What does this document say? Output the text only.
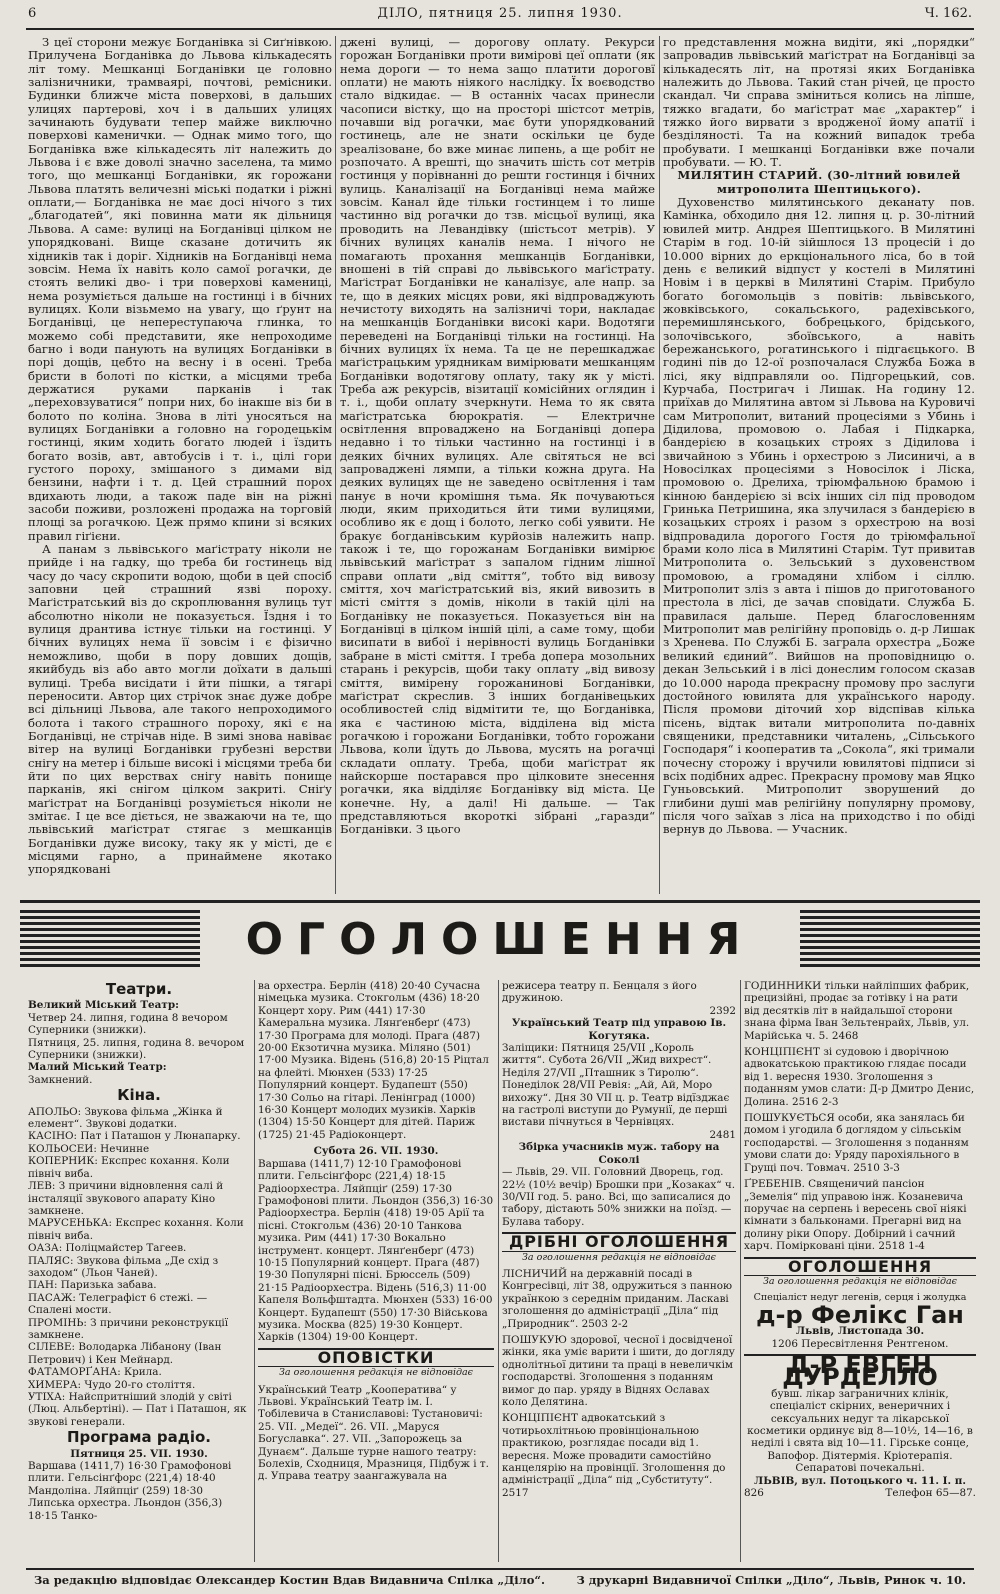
6	ДІЛО, пятниця 25. липня 1930.	Ч. 162.

З цеї сторони межує Богданівка зі Сиґнівкою. Прилучена Богданівка до Львова кількадесять літ тому. Мешканці Богданівки це головно залізничники, трамваярі, почтові, ремісники. Будинки ближче міста поверхові, в дальших улицях партерові, хоч і в дальших улицях зачинають будувати тепер майже виключно поверхові каменички. — Однак мимо того, що Богданівка вже кількадесять літ належить до Львова і є вже доволі значно заселена, та мимо того, що мешканці Богданівки, як горожани Львова платять величезні міські податки і ріжні оплати,— Богданівка не має досі нічого з тих „благодатей“, які повинна мати як дільниця Львова. А саме: вулиці на Богданівці цілком не упорядковані. Вище сказане дотичить як хідників так і доріг. Хідників на Богданівці нема зовсім. Нема їх навіть коло самої рогачки, де стоять великі дво- і три поверхові камениці, нема розуміється дальше на гостинці і в бічних вулицях. Коли візьмемо на увагу, що ґрунт на Богданівці, це непереступаюча глинка, то можемо собі представити, яке непроходиме багно і води панують на вулицях Богданівки в порі дощів, цебто на весну і в осені. Треба бристи в болоті по кістки, а місцями треба держатися руками парканів і так „переховзуватися“ попри них, бо інакше віз би в болото по коліна. Знова в літі уносяться на вулицях Богданівки а головно на городецькім гостинці, яким ходить богато людей і їздить богато возів, авт, автобусів і т. і., цілі гори густого пороху, змішаного з димами від бензини, нафти і т. д. Цей страшний порох вдихають люди, а також паде він на ріжні засоби поживи, розложені продажа на торговій площі за рогачкою. Цеж прямо кпини зі всяких правил гіґієни.

А панам з львівського маґістрату ніколи не прийде і на гадку, що треба би гостинець від часу до часу скропити водою, щоби в цей спосіб заповни цей страшний язві пороху. Маґістратський віз до скроплювання вулиць тут абсолютно ніколи не показується. Їздня і то вулиця дрантива істнує тільки на гостинці. У бічних вулицях нема її зовсім і є фізично неможливо, щоби в пору довших дощів, якийбудь віз або авто могли доїхати в дальші вулиці. Треба висідати і йти пішки, а тягарі переносити. Автор цих стрічок знає дуже добре всі дільниці Львова, але такого непроходимого болота і такого страшного пороху, які є на Богданівці, не стрічав ніде. В зимі знова навіває вітер на вулиці Богданівки грубезні верстви снігу на метер і більше високі і місцями треба би йти по цих верствах снігу навіть понище парканів, які снігом цілком закриті. Сніґу маґістрат на Богданівці розуміється ніколи не змітає. І це все діється, не зважаючи на те, що львівський маґістрат стягає з мешканців Богданівки дуже високу, таку як у місті, де є місцями гарно, а принаймене якотако упорядковані

джені вулиці, — дорогову оплату. Рекурси горожан Богданівки проти вимірові цеї оплати (як нема дороги — то нема защо платити дороговї оплати) не мають ніякого наслідку. Їх воєводство стало відкидає. — В останніх часах принесли часописи вістку, що на просторі шістсот метрів, почавши від рогачки, має бути упорядкований гостинець, але не знати оскільки це буде зреалізоване, бо вже минає липень, а ще робіт не розпочато. А врешті, що значить шість сот метрів гостинця у порівнанні до решти гостинця і бічних вулиць. Каналізації на Богданівці нема майже зовсім. Канал йде тільки гостинцем і то лише частинно від рогачки до тзв. місцьої вулиці, яка проводить на Левандівку (шістьсот метрів). У бічних вулицях каналів нема. І нічого не помагають прохання мешканців Богданівки, вношені в тій справі до львівського маґістрату. Маґістрат Богданівки не каналізує, але напр. за те, що в деяких місцях рови, які відпроваджують нечистоту виходять на залізничі тори, накладає на мешканців Богданівки високі кари. Водотяги переведені на Богданівці тільки на гостинці. На бічних вулицях їх нема. Та це не перешкаджає маґістрацьким урядникам вимірювати мешканцям Богданівки водотягову оплату, таку як у місті. Треба аж рекурсів, візитації комісійних оглядин і т. і., щоби оплату зчеркнути. Нема то як свята маґістратська бюрократія. — Електричне освітлення впроваджено на Богданівці допера недавно і то тільки частинно на гостинці і в деяких бічних вулицях. Але світяться не всі запроваджені лямпи, а тільки кожна друга. На деяких вулицях ще не заведено освітлення і там панує в ночи кромішня тьма. Як почуваються люди, яким приходиться йти тими вулицями, особливо як є дощ і болото, легко собі уявити. Не бракує богданівським курйозів належить напр. також і те, що горожанам Богданівки вимірює львівський маґістрат з запалом гідним лішної справи оплати „від сміття“, тобто від вивозу сміття, хоч маґістратський віз, який вивозить в місті сміття з домів, ніколи в такій цілі на Богданівку не показується. Показується він на Богданівці в цілком іншій цілі, а саме тому, щоби висипати в вибої і нерівності вулиць Богданівки забране в місті сміття. І треба допера мозольних старань і рекурсів, щоби таку оплату „від вивозу сміття, вимірену горожанинові Богданівки, маґістрат скреслив. З інших богданівецьких особливостей слід відмітити те, що Богданівка, яка є частиною міста, відділена від міста рогачкою і горожани Богданівки, тобто горожани Львова, коли їдуть до Львова, мусять на рогачці складати оплату. Треба, щоби маґістрат як найскорше постарався про цілковите знесення рогачки, яка відділяє Богданівку від міста. Це конечне. Ну, а далі! Ні дальше. — Так представляються вкороткі зібрані „гаразди“ Богданівки. З цього

го представлення можна видіти, які „порядки“ запровадив львівський маґістрат на Богданівці за кількадесять літ, на протязі яких Богданівка належить до Львова. Такий стан річей, це просто скандал. Чи справа зміниться колись на ліпше, тяжко вгадати, бо маґістрат має „характер“ і тяжко його вирвати з вродженої йому апатії і безділяності. Та на кожний випадок треба пробувати. І мешканці Богданівки вже почали пробувати. — Ю. Т.

МИЛЯТИН СТАРИЙ. (30-літний ювилей митрополита Шептицького).

Духовенство милятинського деканату пов. Камінка, обходило дня 12. липня ц. р. 30-літний ювилей митр. Андрея Шептицького. В Милятині Старім в год. 10-ій зійшлося 13 процесій і до 10.000 вірних до еркціонального ліса, бо в той день є великий відпуст у костелі в Милятині Новім і в церкві в Милятині Старім. Прибуло богато богомольців з повітів: львівського, жовківського, сокальського, радехівського, перемишлянського, бобрецького, брідського, золочівського, збоївського, а навіть бережанського, рогатинського і підгаєцького. В годині пів до 12-ої розпочалася Служба Божа в лісі, яку відправляли оо. Підгорецький, сов. Курчаба, Постригач і Лишак. На годину 12. приїхав до Милятина автом зі Львова на Куровичі сам Митрополит, витаний процесіями з Убинь і Дідилова, промовою о. Лабая і Підкарка, бандерією в козацьких строях з Дідилова і звичайною з Убинь і орхестрою з Лисиничі, а в Новосілках процесіями з Новосілок і Ліска, промовою о. Дрелиха, тріюмфальною брамою і кінною бандерією зі всіх інших сіл під проводом Гринька Петришина, яка злучилася з бандерією в козацьких строях і разом з орхестрою на возі відпровадила дорогого Гостя до тріюмфальної брами коло ліса в Милятині Старім. Тут привитав Митрополита о. Зельський з духовенством промовою, а громадяни хлібом і сіллю. Митрополит зліз з авта і пішов до приготованого престола в лісі, де зачав сповідати. Служба Б. правилася дальше. Перед благословенням Митрополит мав релігійну проповідь о. д-р Лишак з Хренева. По Службі Б. заграла орхестра „Боже великий єдиний“. Вийшов на проповідницю о. декан Зельський і в лісі донеслим голосом сказав до 10.000 народа прекрасну промову про заслуги достойного ювилята для українського народу. Після промови діточий хор відспівав кілька пісень, відтак витали митрополита по-давніх священики, представники читалень, „Сільського Господаря“ і кооператив та „Сокола“, які тримали почесну сторожу і вручили ювилятові підписи зі всіх подібних адрес. Прекрасну промову мав Яцко Гуньовський. Митрополит зворушений до глибини душі мав релігійну популярну промову, після чого заїхав з ліса на приходство і по обіді вернув до Львова. — Учасник.

ОГОЛОШЕННЯ
Театри.

Великий Міський Театр:

Четвер 24. липня, година 8 вечором Суперники (знижки).

Пятниця, 25. липня, година 8. вечором Суперники (знижки).

Малий Міський Театр:

Замкнений.

Кіна.

АПОЛЬО: Звукова фільма „Жінка й елемент“. Звукові додатки.

КАСІНО: Пат і Паташон у Люнапарку.

КОЛЬОСЕИ: Нечинне

КОПЕРНИК: Експрес кохання. Коли північ виба.

ЛЕВ: З причини відновлення салі й інсталяції звукового апарату Кіно замкнене.

МАРУСЕНЬКА: Експрес кохання. Коли північ виба.

ОАЗА: Поліцмайстер Тагеев.

ПАЛЯС: Звукова фільма „Де схід з заходом“ (Льон Чаней).

ПАН: Паризька забава.

ПАСАЖ: Телеграфіст 6 стежі. — Спалені мости.

ПРОМІНЬ: З причини реконструкції замкнене.

СІЛЕВЕ: Володарка Лібанону (Іван Петрович) і Кен Мейнард.

ФАТАМОРҐАНА: Крила.

ХИМЕРА: Чудо 20-го століття.

УТІХА: Найспритніший злодій у світі (Люц. Альбертіні). — Пат і Паташон, як звукові генерали.

Програма радіо.

Пятниця 25. VII. 1930.

Варшава (1411,7) 16·30 Грамофонові плити. Гельсінґфорс (221,4) 18·40 Мандоліна. Ляйпціґ (259) 18·30 Липська орхестра. Льондон (356,3) 18·15 Танко-

ва орхестра. Берлін (418) 20·40 Сучасна німецька музика. Стокгольм (436) 18·20 Концерт хору. Рим (441) 17·30 Камеральна музика. Лянґенберґ (473) 17·30 Програма для молоді. Прага (487) 20·00 Екзотична музика. Міляно (501) 17·00 Музика. Відень (516,8) 20·15 Ріцтал на флейті. Мюнхен (533) 17·25 Популярний концерт. Будапешт (550) 17·30 Сольо на гітарі. Ленінград (1000) 16·30 Концерт молодих музиків. Харків (1304) 15·50 Концерт для дітей. Париж (1725) 21·45 Радіоконцерт.

Субота 26. VII. 1930.

Варшава (1411,7) 12·10 Грамофонові плити. Гельсінґфорс (221,4) 18·15 Радіоорхестра. Ляйпціґ (259) 17·30 Грамофонові плити. Льондон (356,3) 16·30 Радіоорхестра. Берлін (418) 19·05 Арії та пісні. Стокгольм (436) 20·10 Танкова музика. Рим (441) 17·30 Вокально інструмент. концерт. Лянґенберґ (473) 10·15 Популярний концерт. Прага (487) 19·30 Популярні пісні. Брюссель (509) 21·15 Радіоорхестра. Відень (516,3) 11·00 Капеля Вольфштадта. Мюнхен (533) 16·00 Концерт. Будапешт (550) 17·30 Військова музика. Москва (825) 19·30 Концерт. Харків (1304) 19·00 Концерт.

ОПОВІСТКИ
За оголошення редакція не відповідає

Український Театр „Кооператива“ у Львові. Український Театр ім. І. Тобілевича в Станиславові: Тустановичі: 25. VII. „Медеї“. 26. VII. „Маруся Богуславка“. 27. VII. „Запорожець за Дунаєм“. Дальше турне нашого театру: Болехів, Сходниця, Мразниця, Підбуж і т. д. Управа театру заангажувала на

режисера театру п. Бенцаля з його дружиною.

2392

Український Театр під управою Ів. Когутяка.

Заліщики: Пятниця 25/VII „Король життя“. Субота 26/VII „Жид вихрест“. Неділя 27/VII „Пташник з Тиролю“. Понеділок 28/VII Ревія: „Ай, Ай, Моро вихожу“. Дня 30 VII ц. р. Театр відїзджає на гастролі виступи до Румунії, де перші вистави пічнуться в Чернівцях.

2481

Збірка учасників муж. табору на Соколі

— Львів, 29. VII. Головний Дворець, год. 22½ (10½ вечір) Брошки при „Козаках“ ч. 30/VII год. 5. рано. Всі, що записалися до табору, дістають 50% знижки на поїзд. — Булава табору.

ДРІБНІ ОГОЛОШЕННЯ
За оголошення редакція не відповідає

ЛІСНИЧИЙ на державній посаді в Конгресівці, літ 38, одружиться з панною українкою з середнім приданим. Ласкаві зголошення до адміністрації „Діла“ під „Природник“. 2503 2-2

ПОШУКУЮ здорової, чесної і досвідченої жінки, яка уміє варити і шити, до догляду однолітньої дитини та праці в невеличкім господарстві. Зголошення з поданням вимог до пар. уряду в Віднях Ославах коло Делятина.

КОНЦІПІЄНТ адвокатський з чотирьохлітньою провінціональною практикою, розглядає посади від 1. вересня. Може провадити самостійно канцелярію на провінції. Зголошення до адміністрації „Діла“ під „Субституту“. 2517

ГОДИННИКИ тільки найліпших фабрик, прецизійні, продає за готівку і на рати від десятків літ в найдальшої сторони знана фірма Іван Зельтенрайх, Львів, ул. Марійська ч. 5. 2468

КОНЦІПІЄНТ зі судовою і дворічною адвокатською практикою глядає посади від 1. вересня 1930. Зголошення з поданням умов слати: Д-р Дмитро Денис, Долина. 2516 2-3

ПОШУКУЄТЬСЯ особи, яка занялась би домом і угодила б доглядом у сільськім господарстві. — Зголошення з поданням умови слати до: Уряду парохіяльного в Грущі поч. Товмач. 2510 3-3

ҐРЕБЕНІВ. Священичий пансіон „Земелія“ під управою інж. Козаневича поручає на серпень і вересень свої ніякі кімнати з бальконами. Прегарні вид на долину ріки Опору. Добірний і сачний харч. Помірковані ціни. 2518 1-4

ОГОЛОШЕННЯ
За оголошення редакція не відповідає

Спеціаліст недуг легенів, серця і жолудка

д-р Фелікс Ган

Львів, Листопада 30.

1206 Пересвітлення Рентгеном.

Д-Р ЕВГЕН ДУРДЕЛЛО

бувш. лікар заграничних клінік, спеціаліст скірних, венеричних і сексуальних недуг та лікарської косметики ординує від 8—10½, 14—16, в неділі і свята від 10—11. Гірське сонце, Вапофор. Діятермія. Кріотерапія. Сепаратові почекальні.

ЛЬВІВ, вул. Потоцького ч. 11. І. п.

826	Телефон 65—87.

За редакцію відповідає Олександер Костин Вдав Видавнича Спілка „Діло“.	З друкарні Видавничої Спілки „Діло“, Львів, Ринок ч. 10.
